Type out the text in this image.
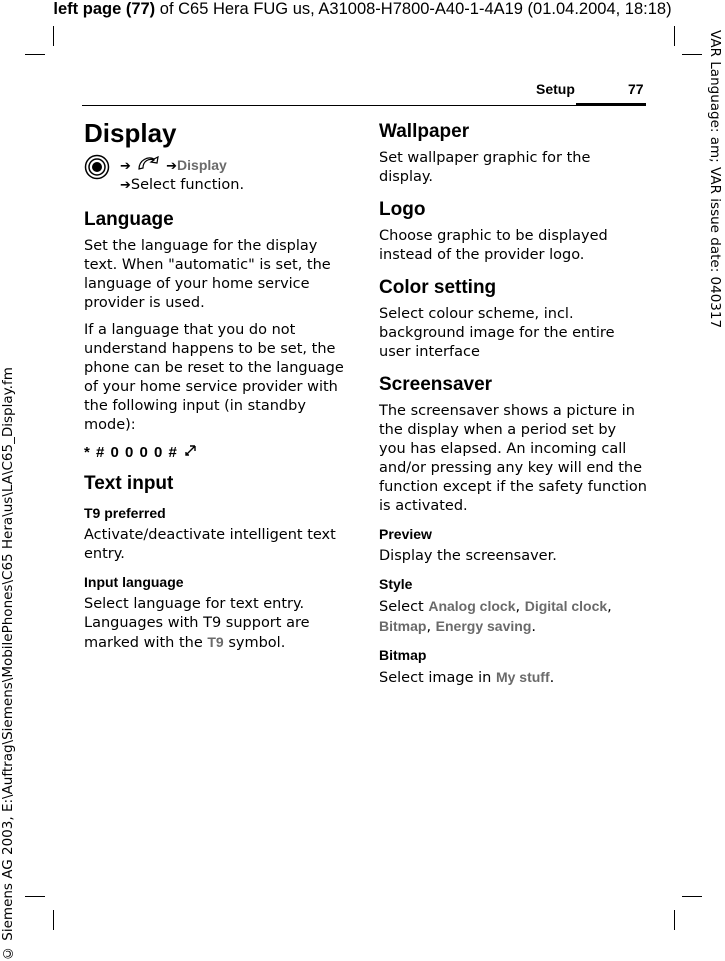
left page (77) of C65 Hera FUG us, A31008-H7800-A40-1-4A19 (01.04.2004, 18:18)
VAR Language: am; VAR issue date: 040317
© Siemens AG 2003, E:\Auftrag\Siemens\MobilePhones\C65 Hera\us\LA\C65_Display.fm
Setup	77
Display
➔	➔Display
➔Select function.
Language

Set the language for the display text. When "automatic" is set, the language of your home service provider is used.

If a language that you do not understand happens to be set, the phone can be reset to the language of your home service provider with the following input (in standby mode):

* # 0 0 0 0 #
Text input
T9 preferred

Activate/deactivate intelligent text entry.

Input language

Select language for text entry. Languages with T9 support are marked with the T9 symbol.

Wallpaper

Set wallpaper graphic for the display.

Logo

Choose graphic to be displayed instead of the provider logo.

Color setting

Select colour scheme, incl. background image for the entire user interface

Screensaver

The screensaver shows a picture in the display when a period set by you has elapsed. An incoming call and/or pressing any key will end the function except if the safety function is activated.

Preview

Display the screensaver.

Style

Select Analog clock, Digital clock, Bitmap, Energy saving.

Bitmap

Select image in My stuff.
